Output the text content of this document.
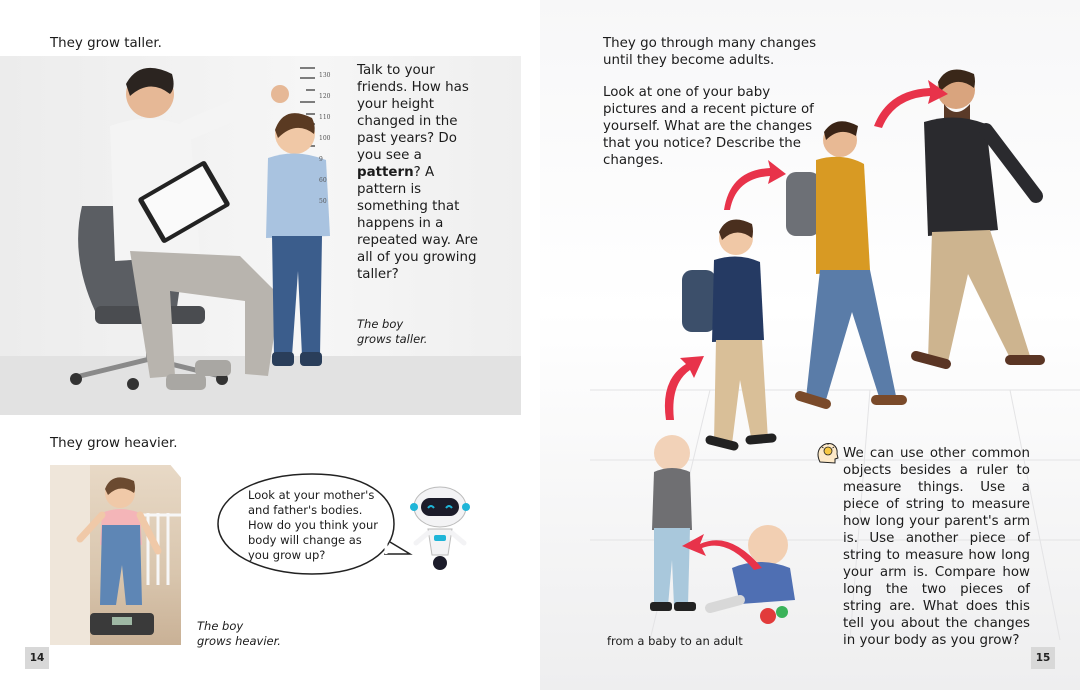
They grow taller.
130
120
110
100
9
60
50
Talk to your friends. How has your height changed in the past years? Do you see a pattern? A pattern is something that happens in a repeated way. Are all of you growing taller?
The boy
grows taller.
They grow heavier.
Look at your mother's and father's bodies. How do you think your body will change as you grow up?
The boy
grows heavier.
14
They go through many changes
until they become adults.
Look at one of your baby pictures and a recent picture of yourself. What are the changes that you notice? Describe the changes.
We can use other common objects besides a ruler to measure things. Use a piece of string to measure how long your parent's arm is. Use another piece of string to measure how long your arm is. Compare how long the two pieces of string are. What does this tell you about the changes in your body as you grow?
from a baby to an adult
15
